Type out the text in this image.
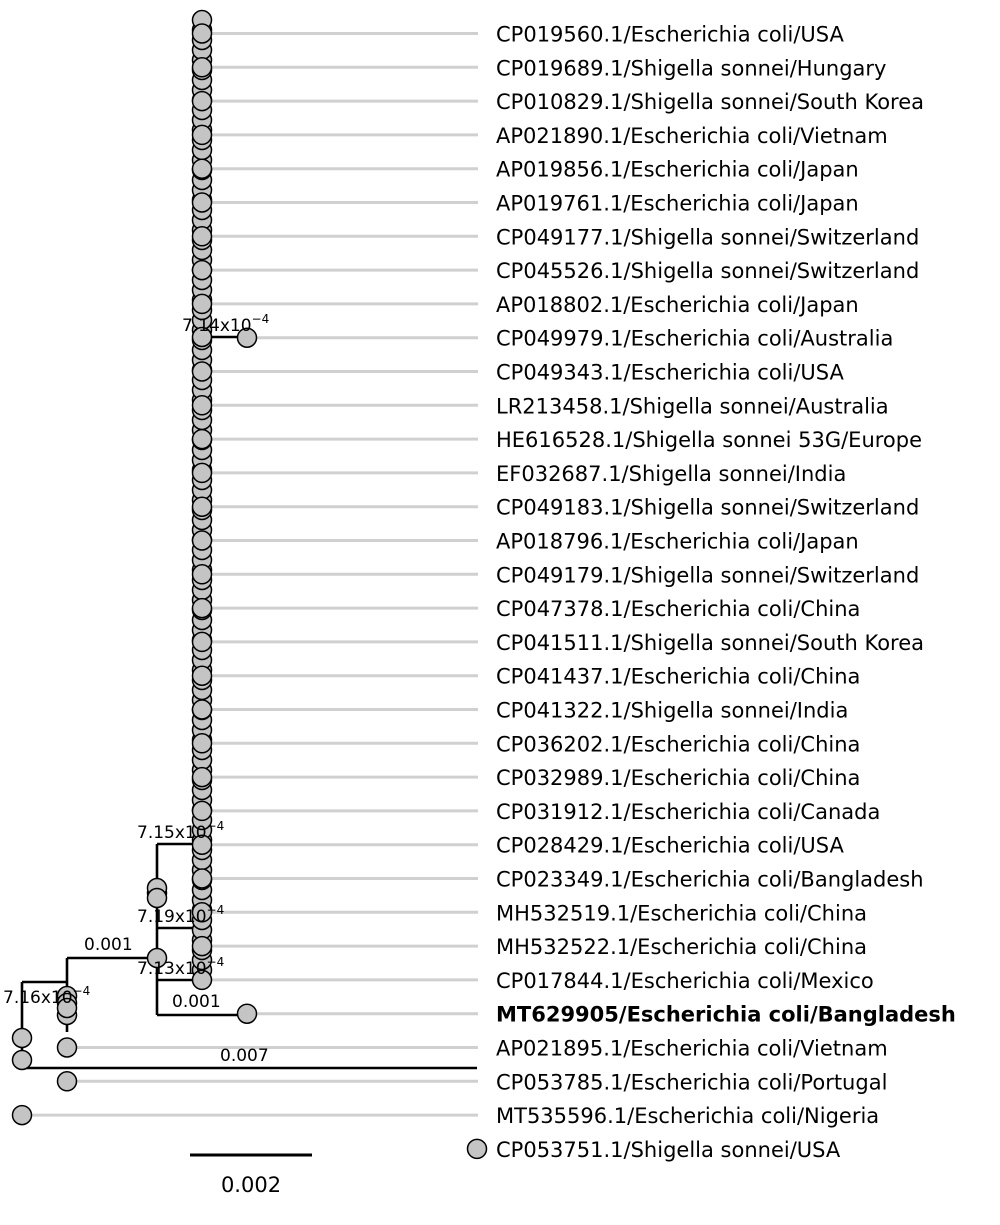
CP019560.1/Escherichia coli/USA
CP019689.1/Shigella sonnei/Hungary
CP010829.1/Shigella sonnei/South Korea
AP021890.1/Escherichia coli/Vietnam
AP019856.1/Escherichia coli/Japan
AP019761.1/Escherichia coli/Japan
CP049177.1/Shigella sonnei/Switzerland
CP045526.1/Shigella sonnei/Switzerland
AP018802.1/Escherichia coli/Japan
CP049979.1/Escherichia coli/Australia
CP049343.1/Escherichia coli/USA
LR213458.1/Shigella sonnei/Australia
HE616528.1/Shigella sonnei 53G/Europe
EF032687.1/Shigella sonnei/India
CP049183.1/Shigella sonnei/Switzerland
AP018796.1/Escherichia coli/Japan
CP049179.1/Shigella sonnei/Switzerland
CP047378.1/Escherichia coli/China
CP041511.1/Shigella sonnei/South Korea
CP041437.1/Escherichia coli/China
CP041322.1/Shigella sonnei/India
CP036202.1/Escherichia coli/China
CP032989.1/Escherichia coli/China
CP031912.1/Escherichia coli/Canada
CP028429.1/Escherichia coli/USA
CP023349.1/Escherichia coli/Bangladesh
MH532519.1/Escherichia coli/China
MH532522.1/Escherichia coli/China
CP017844.1/Escherichia coli/Mexico
MT629905/Escherichia coli/Bangladesh
AP021895.1/Escherichia coli/Vietnam
CP053785.1/Escherichia coli/Portugal
MT535596.1/Escherichia coli/Nigeria
CP053751.1/Shigella sonnei/USA
$7.14x10^{-4}$
$7.15x10^{-4}$
$7.19x10^{-4}$
$7.13x10^{-4}$
0.001
0.001
$7.16x10^{-4}$
0.007
0.002
